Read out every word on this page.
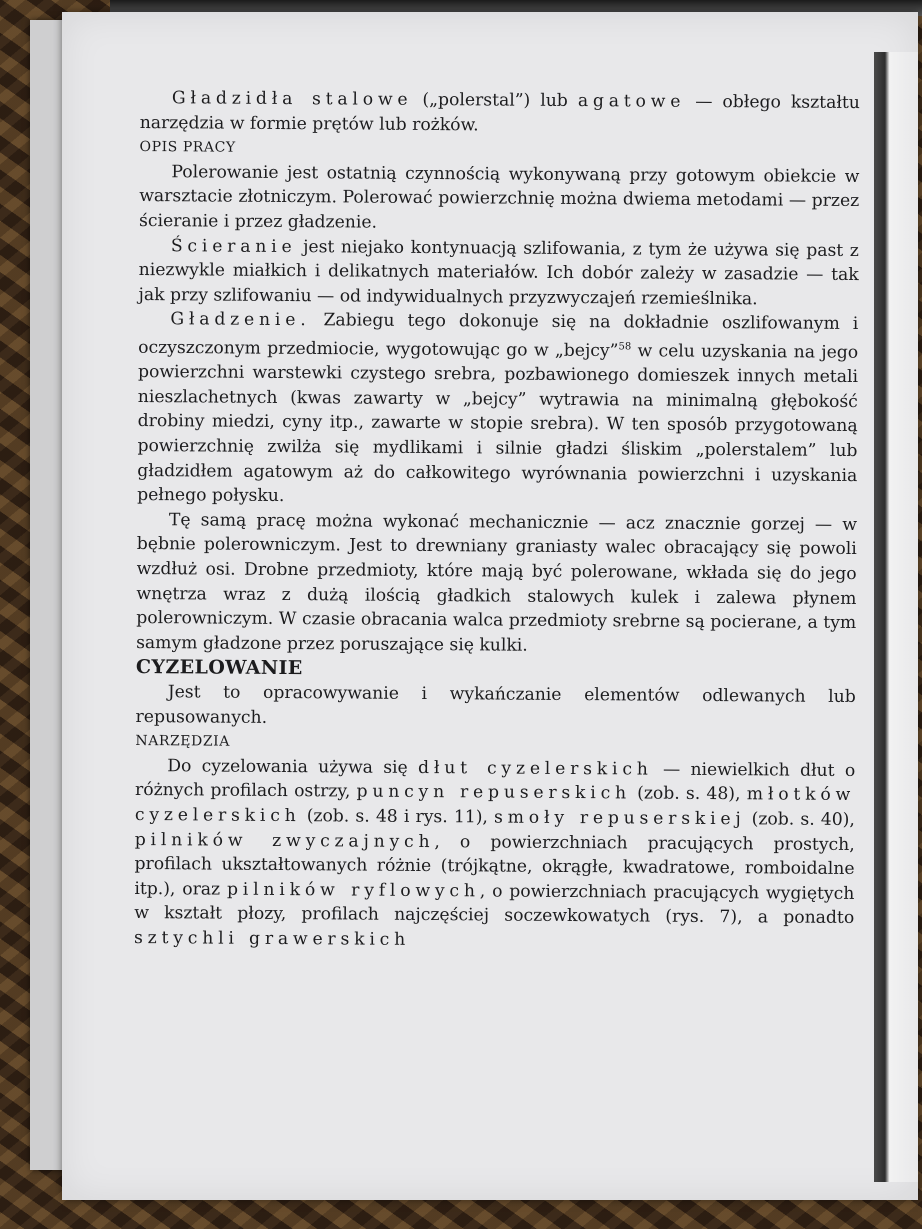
Gładzidła stalowe („polerstal”) lub agatowe — obłego kształtu narzędzia w formie prętów lub rożków.

OPIS PRACY

Polerowanie jest ostatnią czynnością wykonywaną przy gotowym obiekcie w warsztacie złotniczym. Polerować powierzchnię można dwiema metodami — przez ścieranie i przez gładzenie.

Ścieranie jest niejako kontynuacją szlifowania, z tym że używa się past z niezwykle miałkich i delikatnych materiałów. Ich dobór zależy w zasadzie — tak jak przy szlifowaniu — od indywidualnych przyzwyczajeń rzemieślnika.

Gładzenie. Zabiegu tego dokonuje się na dokładnie oszlifowanym i oczyszczonym przedmiocie, wygotowując go w „bejcy”$^{58}$ w celu uzyskania na jego powierzchni warstewki czystego srebra, pozbawionego domieszek innych metali nieszlachetnych (kwas zawarty w „bejcy” wytrawia na minimalną głębokość drobiny miedzi, cyny itp., zawarte w stopie srebra). W ten sposób przygotowaną powierzchnię zwilża się mydlikami i silnie gładzi śliskim „polerstalem” lub gładzidłem agatowym aż do całkowitego wyrównania powierzchni i uzyskania pełnego połysku.

Tę samą pracę można wykonać mechanicznie — acz znacznie gorzej — w bębnie polerowniczym. Jest to drewniany graniasty walec obracający się powoli wzdłuż osi. Drobne przedmioty, które mają być polerowane, wkłada się do jego wnętrza wraz z dużą ilością gładkich stalowych kulek i zalewa płynem polerowniczym. W czasie obracania walca przedmioty srebrne są pocierane, a tym samym gładzone przez poruszające się kulki.

CYZELOWANIE

Jest to opracowywanie i wykańczanie elementów odlewanych lub repusowanych.

NARZĘDZIA

Do cyzelowania używa się dłut cyzelerskich — niewielkich dłut o różnych profilach ostrzy, puncyn repuserskich (zob. s. 48), młotków cyzelerskich (zob. s. 48 i rys. 11), smoły repuserskiej (zob. s. 40), pilników zwyczajnych, o powierzchniach pracujących prostych, profilach ukształtowanych różnie (trójkątne, okrągłe, kwadratowe, romboidalne itp.), oraz pilników ryflowych, o powierzchniach pracujących wygiętych w kształt płozy, profilach najczęściej soczewkowatych (rys. 7), a ponadto sztychli grawerskich
